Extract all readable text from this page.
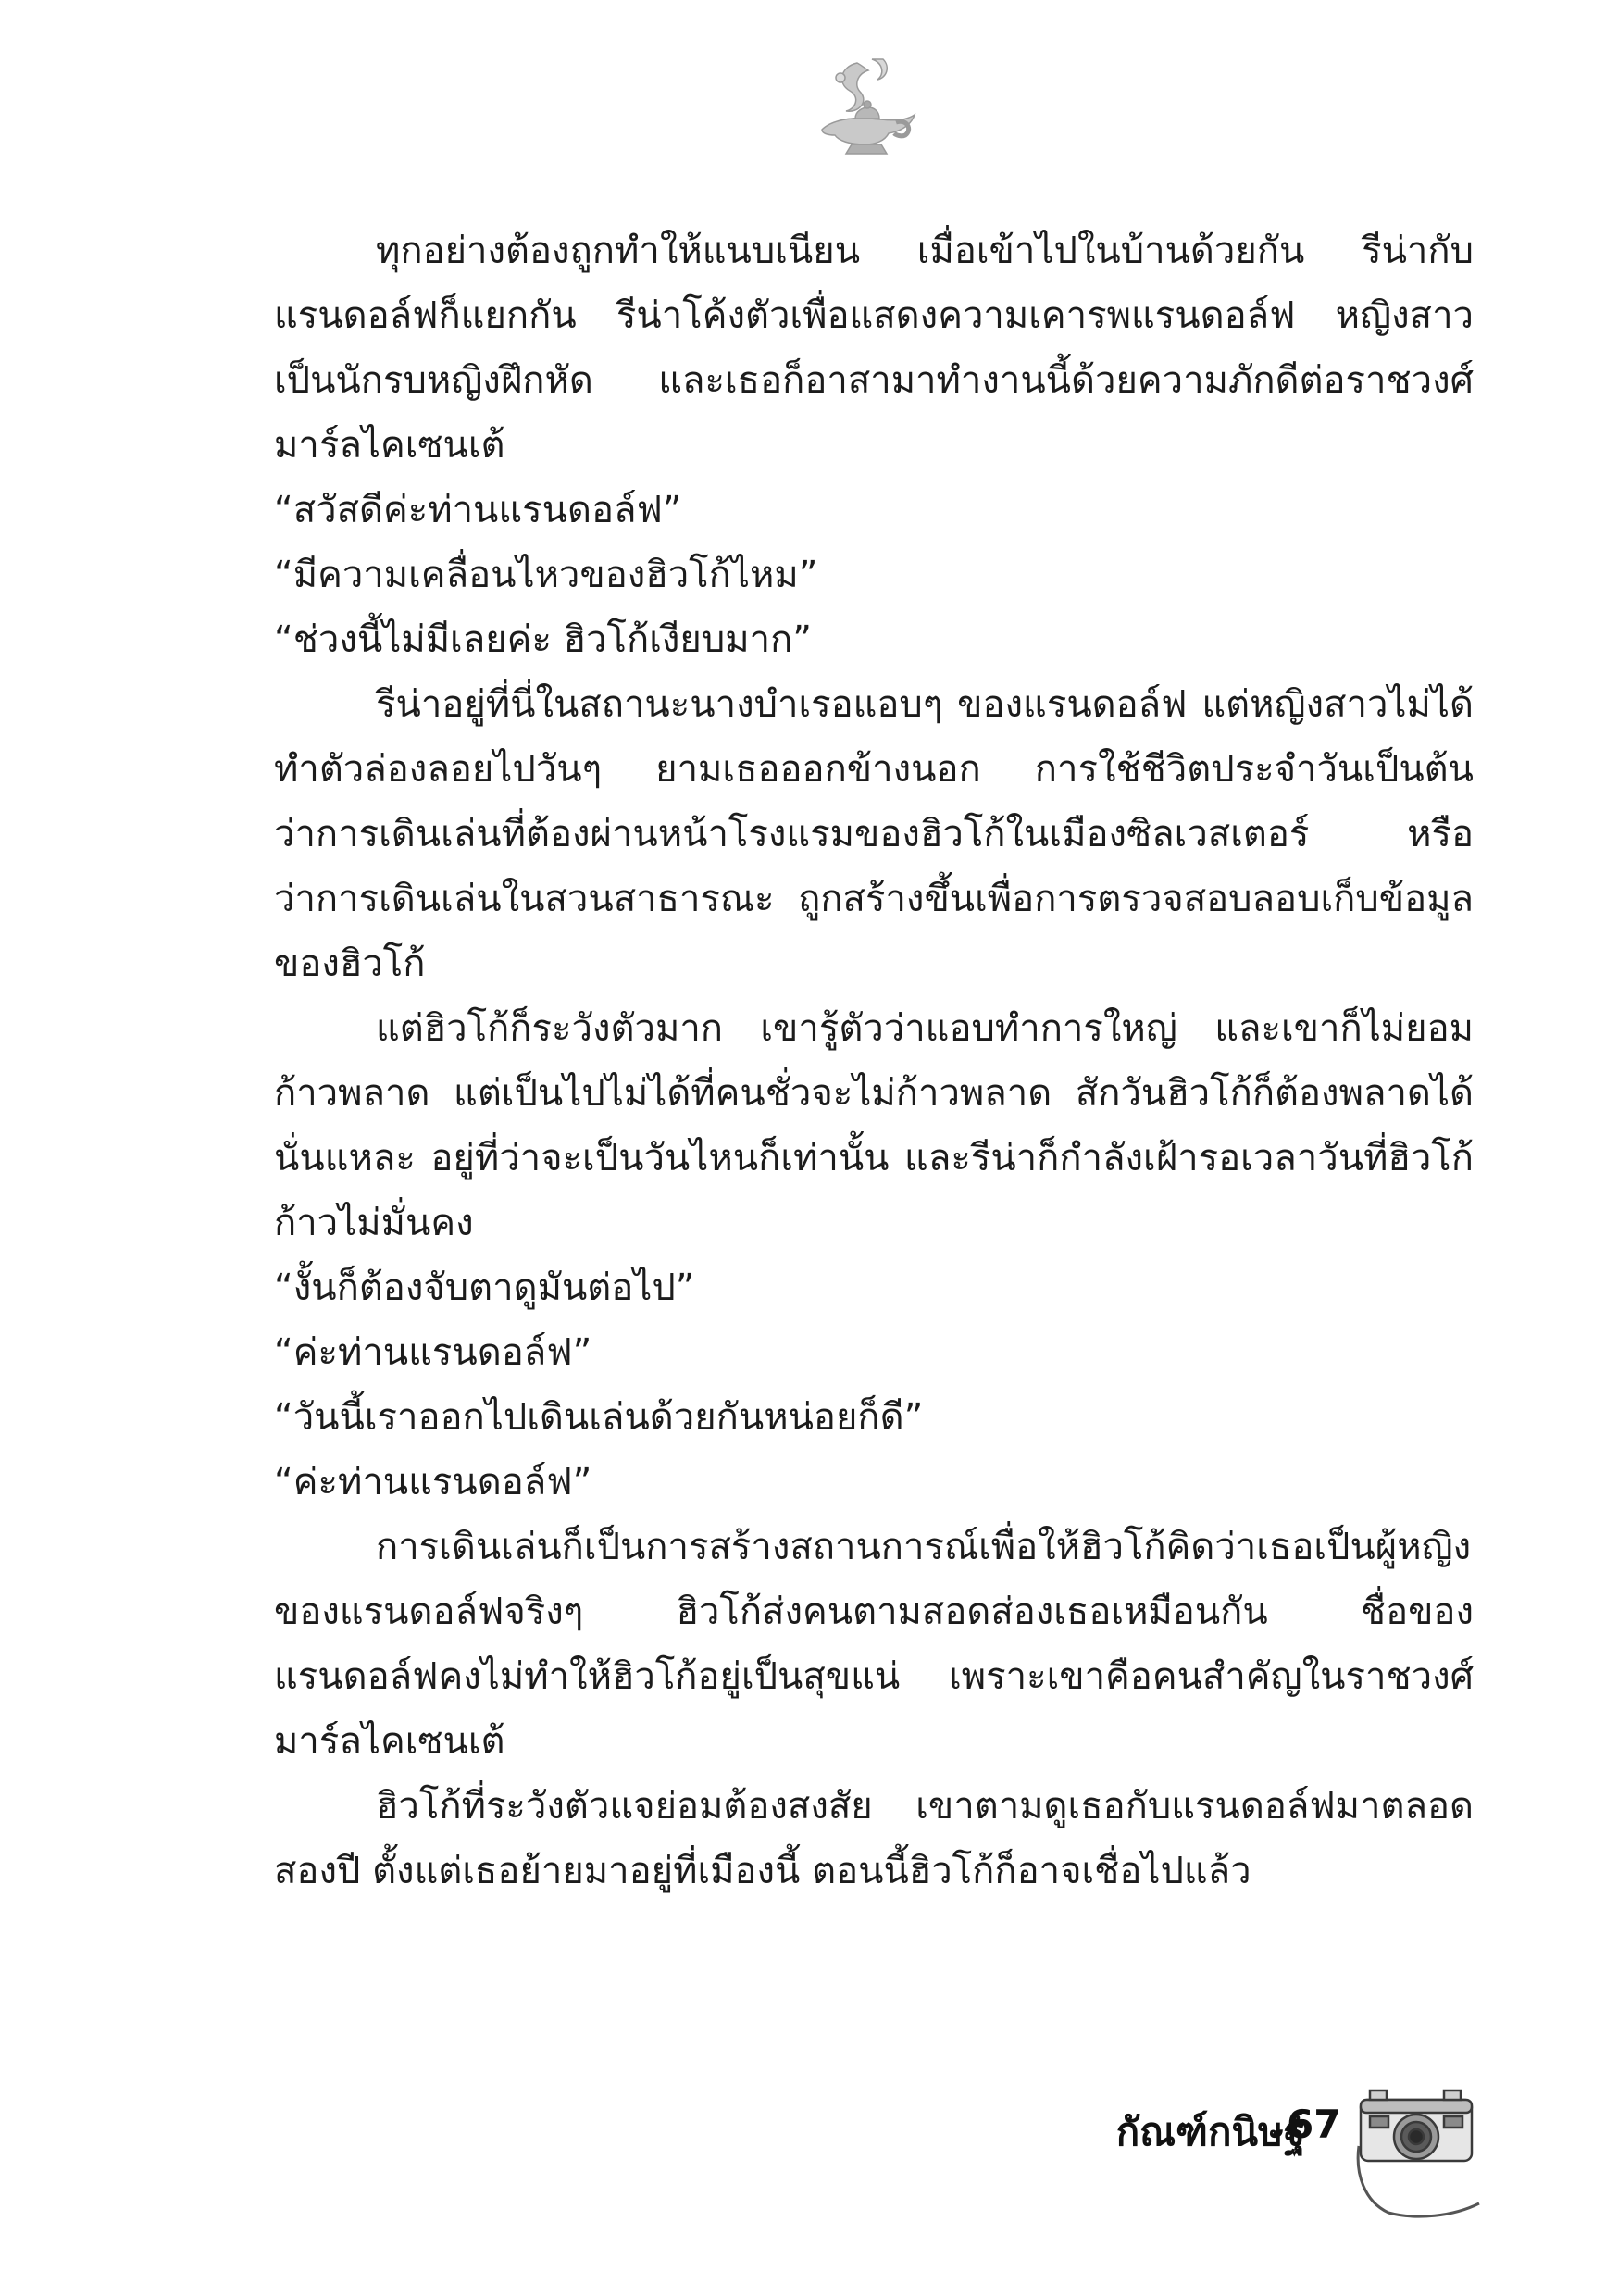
ทุกอย่างต้องถูกทำให้แนบเนียน เมื่อเข้าไปในบ้านด้วยกัน รีน่ากับแรนดอล์ฟก็แยกกัน รีน่าโค้งตัวเพื่อแสดงความเคารพแรนดอล์ฟ หญิงสาวเป็นนักรบหญิงฝึกหัด และเธอก็อาสามาทำงานนี้ด้วยความภักดีต่อราชวงศ์มาร์ลไคเซนเต้

“สวัสดีค่ะท่านแรนดอล์ฟ”

“มีความเคลื่อนไหวของฮิวโก้ไหม”

“ช่วงนี้ไม่มีเลยค่ะ ฮิวโก้เงียบมาก”

รีน่าอยู่ที่นี่ในสถานะนางบำเรอแอบๆ ของแรนดอล์ฟ แต่หญิงสาวไม่ได้ทำตัวล่องลอยไปวันๆ ยามเธอออกข้างนอก การใช้ชีวิตประจำวันเป็นต้นว่าการเดินเล่นที่ต้องผ่านหน้าโรงแรมของฮิวโก้ในเมืองซิลเวสเตอร์ หรือว่าการเดินเล่นในสวนสาธารณะ ถูกสร้างขึ้นเพื่อการตรวจสอบลอบเก็บข้อมูลของฮิวโก้

แต่ฮิวโก้ก็ระวังตัวมาก เขารู้ตัวว่าแอบทำการใหญ่ และเขาก็ไม่ยอมก้าวพลาด แต่เป็นไปไม่ได้ที่คนชั่วจะไม่ก้าวพลาด สักวันฮิวโก้ก็ต้องพลาดได้นั่นแหละ อยู่ที่ว่าจะเป็นวันไหนก็เท่านั้น และรีน่าก็กำลังเฝ้ารอเวลาวันที่ฮิวโก้ก้าวไม่มั่นคง

“งั้นก็ต้องจับตาดูมันต่อไป”

“ค่ะท่านแรนดอล์ฟ”

“วันนี้เราออกไปเดินเล่นด้วยกันหน่อยก็ดี”

“ค่ะท่านแรนดอล์ฟ”

การเดินเล่นก็เป็นการสร้างสถานการณ์เพื่อให้ฮิวโก้คิดว่าเธอเป็นผู้หญิงของแรนดอล์ฟจริงๆ ฮิวโก้ส่งคนตามสอดส่องเธอเหมือนกัน ชื่อของแรนดอล์ฟคงไม่ทำให้ฮิวโก้อยู่เป็นสุขแน่ เพราะเขาคือคนสำคัญในราชวงศ์มาร์ลไคเซนเต้

ฮิวโก้ที่ระวังตัวแจย่อมต้องสงสัย เขาตามดูเธอกับแรนดอล์ฟมาตลอดสองปี ตั้งแต่เธอย้ายมาอยู่ที่เมืองนี้ ตอนนี้ฮิวโก้ก็อาจเชื่อไปแล้ว

กัณฑ์กนิษฐ์
67
